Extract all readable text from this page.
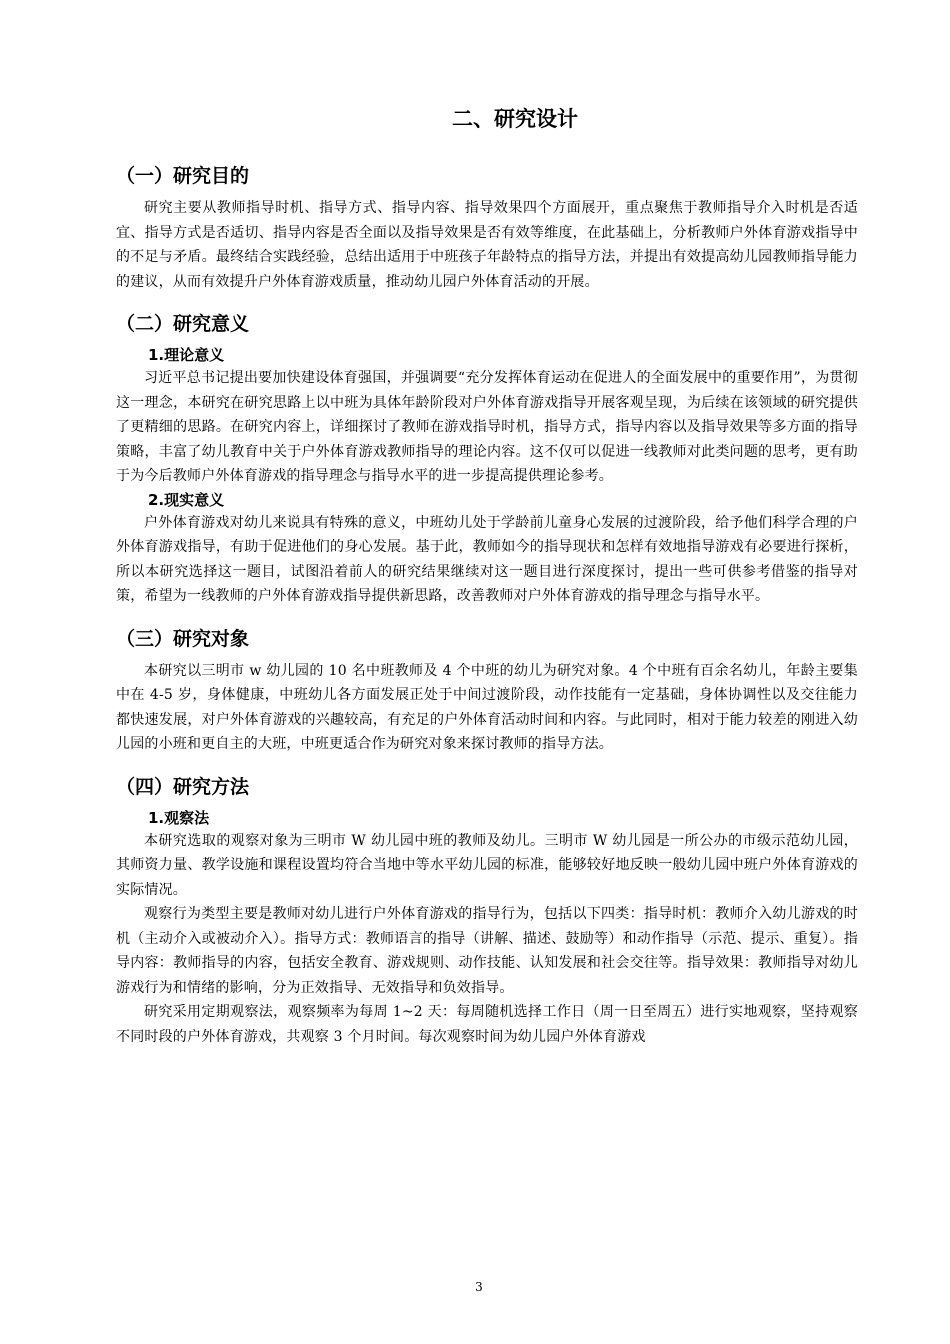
二、研究设计
（一）研究目的

研究主要从教师指导时机、指导方式、指导内容、指导效果四个方面展开，重点聚焦于教师指导介入时机是否适宜、指导方式是否适切、指导内容是否全面以及指导效果是否有效等维度，在此基础上，分析教师户外体育游戏指导中的不足与矛盾。最终结合实践经验，总结出适用于中班孩子年龄特点的指导方法，并提出有效提高幼儿园教师指导能力的建议，从而有效提升户外体育游戏质量，推动幼儿园户外体育活动的开展。

（二）研究意义
1.理论意义

习近平总书记提出要加快建设体育强国，并强调要“充分发挥体育运动在促进人的全面发展中的重要作用”，为贯彻这一理念，本研究在研究思路上以中班为具体年龄阶段对户外体育游戏指导开展客观呈现，为后续在该领域的研究提供了更精细的思路。在研究内容上，详细探讨了教师在游戏指导时机，指导方式，指导内容以及指导效果等多方面的指导策略，丰富了幼儿教育中关于户外体育游戏教师指导的理论内容。这不仅可以促进一线教师对此类问题的思考，更有助于为今后教师户外体育游戏的指导理念与指导水平的进一步提高提供理论参考。

2.现实意义

户外体育游戏对幼儿来说具有特殊的意义，中班幼儿处于学龄前儿童身心发展的过渡阶段，给予他们科学合理的户外体育游戏指导，有助于促进他们的身心发展。基于此，教师如今的指导现状和怎样有效地指导游戏有必要进行探析，所以本研究选择这一题目，试图沿着前人的研究结果继续对这一题目进行深度探讨，提出一些可供参考借鉴的指导对策，希望为一线教师的户外体育游戏指导提供新思路，改善教师对户外体育游戏的指导理念与指导水平。

（三）研究对象

本研究以三明市 w 幼儿园的 10 名中班教师及 4 个中班的幼儿为研究对象。4 个中班有百余名幼儿，年龄主要集中在 4-5 岁，身体健康，中班幼儿各方面发展正处于中间过渡阶段，动作技能有一定基础，身体协调性以及交往能力都快速发展，对户外体育游戏的兴趣较高，有充足的户外体育活动时间和内容。与此同时，相对于能力较差的刚进入幼儿园的小班和更自主的大班，中班更适合作为研究对象来探讨教师的指导方法。

（四）研究方法
1.观察法

本研究选取的观察对象为三明市 W 幼儿园中班的教师及幼儿。三明市 W 幼儿园是一所公办的市级示范幼儿园，其师资力量、教学设施和课程设置均符合当地中等水平幼儿园的标准，能够较好地反映一般幼儿园中班户外体育游戏的实际情况。

观察行为类型主要是教师对幼儿进行户外体育游戏的指导行为，包括以下四类：指导时机：教师介入幼儿游戏的时机（主动介入或被动介入）。指导方式：教师语言的指导（讲解、描述、鼓励等）和动作指导（示范、提示、重复）。指导内容：教师指导的内容，包括安全教育、游戏规则、动作技能、认知发展和社会交往等。指导效果：教师指导对幼儿游戏行为和情绪的影响，分为正效指导、无效指导和负效指导。

研究采用定期观察法，观察频率为每周 1~2 天：每周随机选择工作日（周一日至周五）进行实地观察，坚持观察不同时段的户外体育游戏，共观察 3 个月时间。每次观察时间为幼儿园户外体育游戏

3
